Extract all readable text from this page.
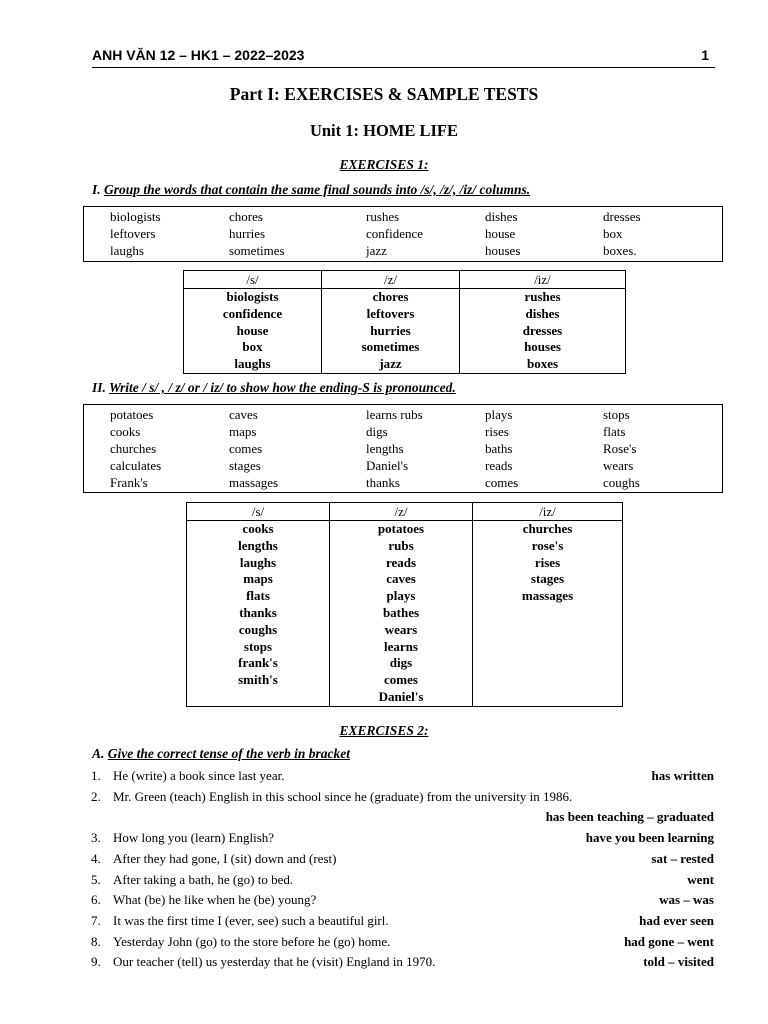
ANH VĂN 12 – HK1 – 2022–2023	1
Part I: EXERCISES & SAMPLE TESTS
Unit 1: HOME LIFE
EXERCISES 1:
I. Group the words that contain the same final sounds into /s/, /z/, /iz/ columns.
biologists	chores	rushes	dishes	dresses
leftovers	hurries	confidence	house	box
laughs	sometimes	jazz	houses	boxes.
/s/	/z/	/iz/
biologists	chores	rushes
confidence	leftovers	dishes
house	hurries	dresses
box	sometimes	houses
laughs	jazz	boxes
II. Write / s/ , / z/ or / iz/ to show how the ending-S is pronounced.
potatoes	caves	learns rubs	plays	stops
cooks	maps	digs	rises	flats
churches	comes	lengths	baths	Rose's
calculates	stages	Daniel's	reads	wears
Frank's	massages	thanks	comes	coughs
/s/	/z/	/iz/
cooks	potatoes	churches
lengths	rubs	rose's
laughs	reads	rises
maps	caves	stages
flats	plays	massages
thanks	bathes	
coughs	wears	
stops	learns	
frank's	digs	
smith's	comes	
	Daniel's	
EXERCISES 2:
A. Give the correct tense of the verb in bracket
1. He (write) a book since last year.	has written
2. Mr. Green (teach) English in this school since he (graduate) from the university in 1986.
has been teaching – graduated
3. How long you (learn) English?	have you been learning
4. After they had gone, I (sit) down and (rest)	sat – rested
5. After taking a bath, he (go) to bed.	went
6. What (be) he like when he (be) young?	was – was
7. It was the first time I (ever, see) such a beautiful girl.	had ever seen
8. Yesterday John (go) to the store before he (go) home.	had gone – went
9. Our teacher (tell) us yesterday that he (visit) England in 1970.	told – visited
